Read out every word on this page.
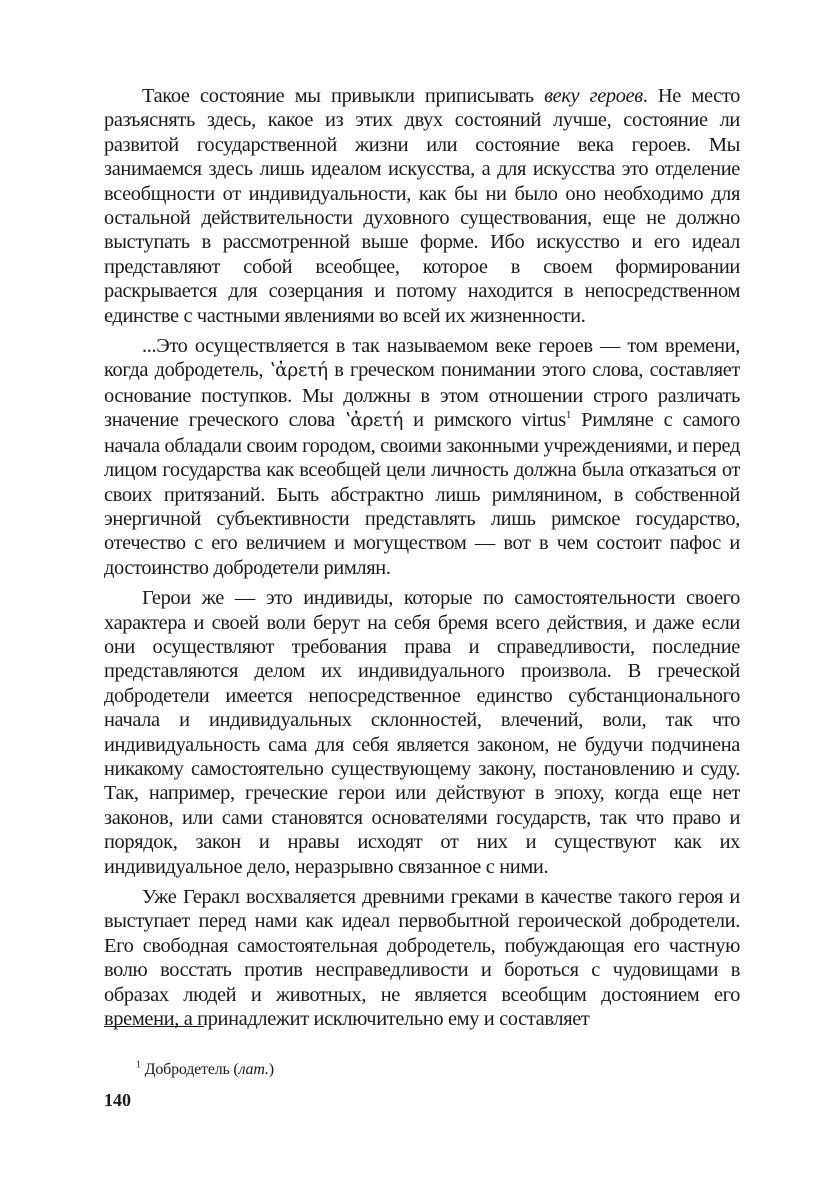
Такое состояние мы привыкли приписывать веку героев. Не место разъяснять здесь, какое из этих двух состояний лучше, состояние ли развитой государственной жизни или состояние века героев. Мы занимаемся здесь лишь идеалом искусства, а для искусства это отделение всеобщности от индивидуальности, как бы ни было оно необходимо для остальной действительности духовного существования, еще не должно выступать в рассмотренной выше форме. Ибо искусство и его идеал представляют собой всеобщее, которое в своем формировании раскрывается для созерцания и потому находится в непосредственном единстве с частными явлениями во всей их жизненности.

...Это осуществляется в так называемом веке героев — том времени, когда добродетель, ʽἀρετή в греческом понимании этого слова, составляет основание поступков. Мы должны в этом отношении строго различать значение греческого слова ʽἀρετή и римского virtus$^1$ Римляне с самого начала обладали своим городом, своими законными учреждениями, и перед лицом государства как всеобщей цели личность должна была отказаться от своих притязаний. Быть абстрактно лишь римлянином, в собственной энергичной субъективности представлять лишь римское государство, отечество с его величием и могуществом — вот в чем состоит пафос и достоинство добродетели римлян.

Герои же — это индивиды, которые по самостоятельности своего характера и своей воли берут на себя бремя всего действия, и даже если они осуществляют требования права и справедливости, последние представляются делом их индивидуального произвола. В греческой добродетели имеется непосредственное единство субстанционального начала и индивидуальных склонностей, влечений, воли, так что индивидуальность сама для себя является законом, не будучи подчинена никакому самостоятельно существующему закону, постановлению и суду. Так, например, греческие герои или действуют в эпоху, когда еще нет законов, или сами становятся основателями государств, так что право и порядок, закон и нравы исходят от них и существуют как их индивидуальное дело, неразрывно связанное с ними.

Уже Геракл восхваляется древними греками в качестве такого героя и выступает перед нами как идеал первобытной героической добродетели. Его свободная самостоятельная добродетель, побуждающая его частную волю восстать против несправедливости и бороться с чудовищами в образах людей и животных, не является всеобщим достоянием его времени, а принадлежит исключительно ему и составляет

$^1$ Добродетель (лат.)
140
